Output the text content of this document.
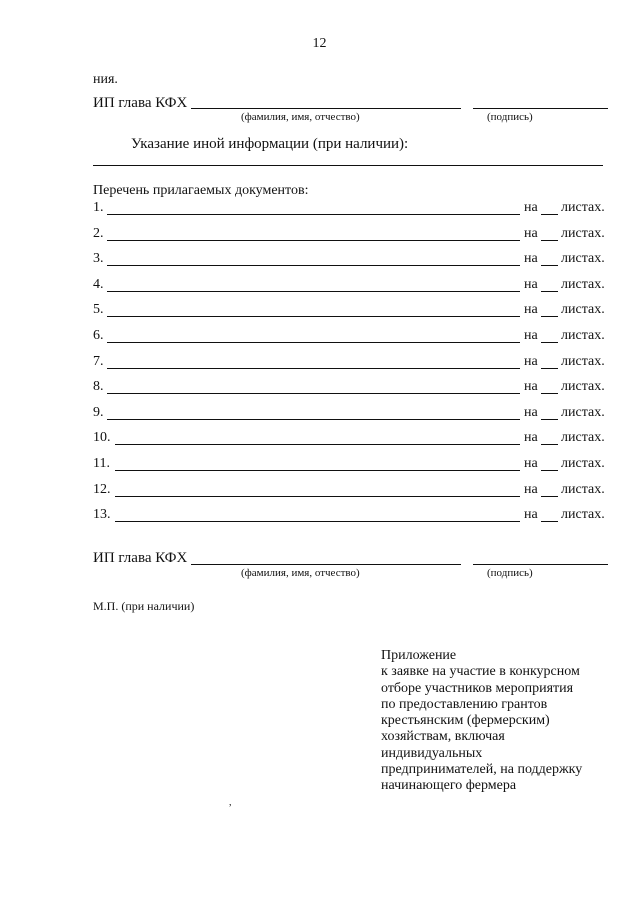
12
ния.
ИП глава КФХ
(фамилия, имя, отчество)	(подпись)
Указание иной информации (при наличии):
Перечень прилагаемых документов:
1.	на листах.
2.	на листах.
3.	на листах.
4.	на листах.
5.	на листах.
6.	на листах.
7.	на листах.
8.	на листах.
9.	на листах.
10.	на листах.
11.	на листах.
12.	на листах.
13.	на листах.
ИП глава КФХ
(фамилия, имя, отчество)	(подпись)
М.П. (при наличии)
Приложение
к заявке на участие в конкурсном
отборе участников мероприятия
по предоставлению грантов
крестьянским (фермерским)
хозяйствам, включая
индивидуальных
предпринимателей, на поддержку
начинающего фермера
,
